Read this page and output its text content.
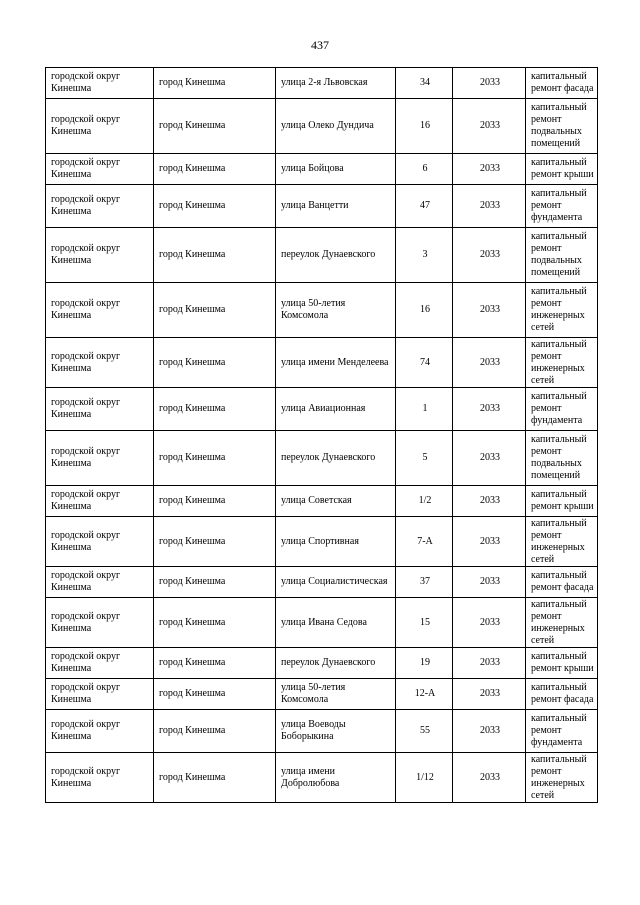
437
городской округ Кинешма	город Кинешма	улица 2-я Львовская	34	2033	капитальный ремонт фасада
городской округ Кинешма	город Кинешма	улица Олеко Дундича	16	2033	капитальный ремонт подвальных помещений
городской округ Кинешма	город Кинешма	улица Бойцова	6	2033	капитальный ремонт крыши
городской округ Кинешма	город Кинешма	улица Ванцетти	47	2033	капитальный ремонт фундамента
городской округ Кинешма	город Кинешма	переулок Дунаевского	3	2033	капитальный ремонт подвальных помещений
городской округ Кинешма	город Кинешма	улица 50-летия Комсомола	16	2033	капитальный ремонт инженерных сетей
городской округ Кинешма	город Кинешма	улица имени Менделеева	74	2033	капитальный ремонт инженерных сетей
городской округ Кинешма	город Кинешма	улица Авиационная	1	2033	капитальный ремонт фундамента
городской округ Кинешма	город Кинешма	переулок Дунаевского	5	2033	капитальный ремонт подвальных помещений
городской округ Кинешма	город Кинешма	улица Советская	1/2	2033	капитальный ремонт крыши
городской округ Кинешма	город Кинешма	улица Спортивная	7-А	2033	капитальный ремонт инженерных сетей
городской округ Кинешма	город Кинешма	улица Социалистическая	37	2033	капитальный ремонт фасада
городской округ Кинешма	город Кинешма	улица Ивана Седова	15	2033	капитальный ремонт инженерных сетей
городской округ Кинешма	город Кинешма	переулок Дунаевского	19	2033	капитальный ремонт крыши
городской округ Кинешма	город Кинешма	улица 50-летия Комсомола	12-А	2033	капитальный ремонт фасада
городской округ Кинешма	город Кинешма	улица Воеводы Боборыкина	55	2033	капитальный ремонт фундамента
городской округ Кинешма	город Кинешма	улица имени Добролюбова	1/12	2033	капитальный ремонт инженерных сетей
